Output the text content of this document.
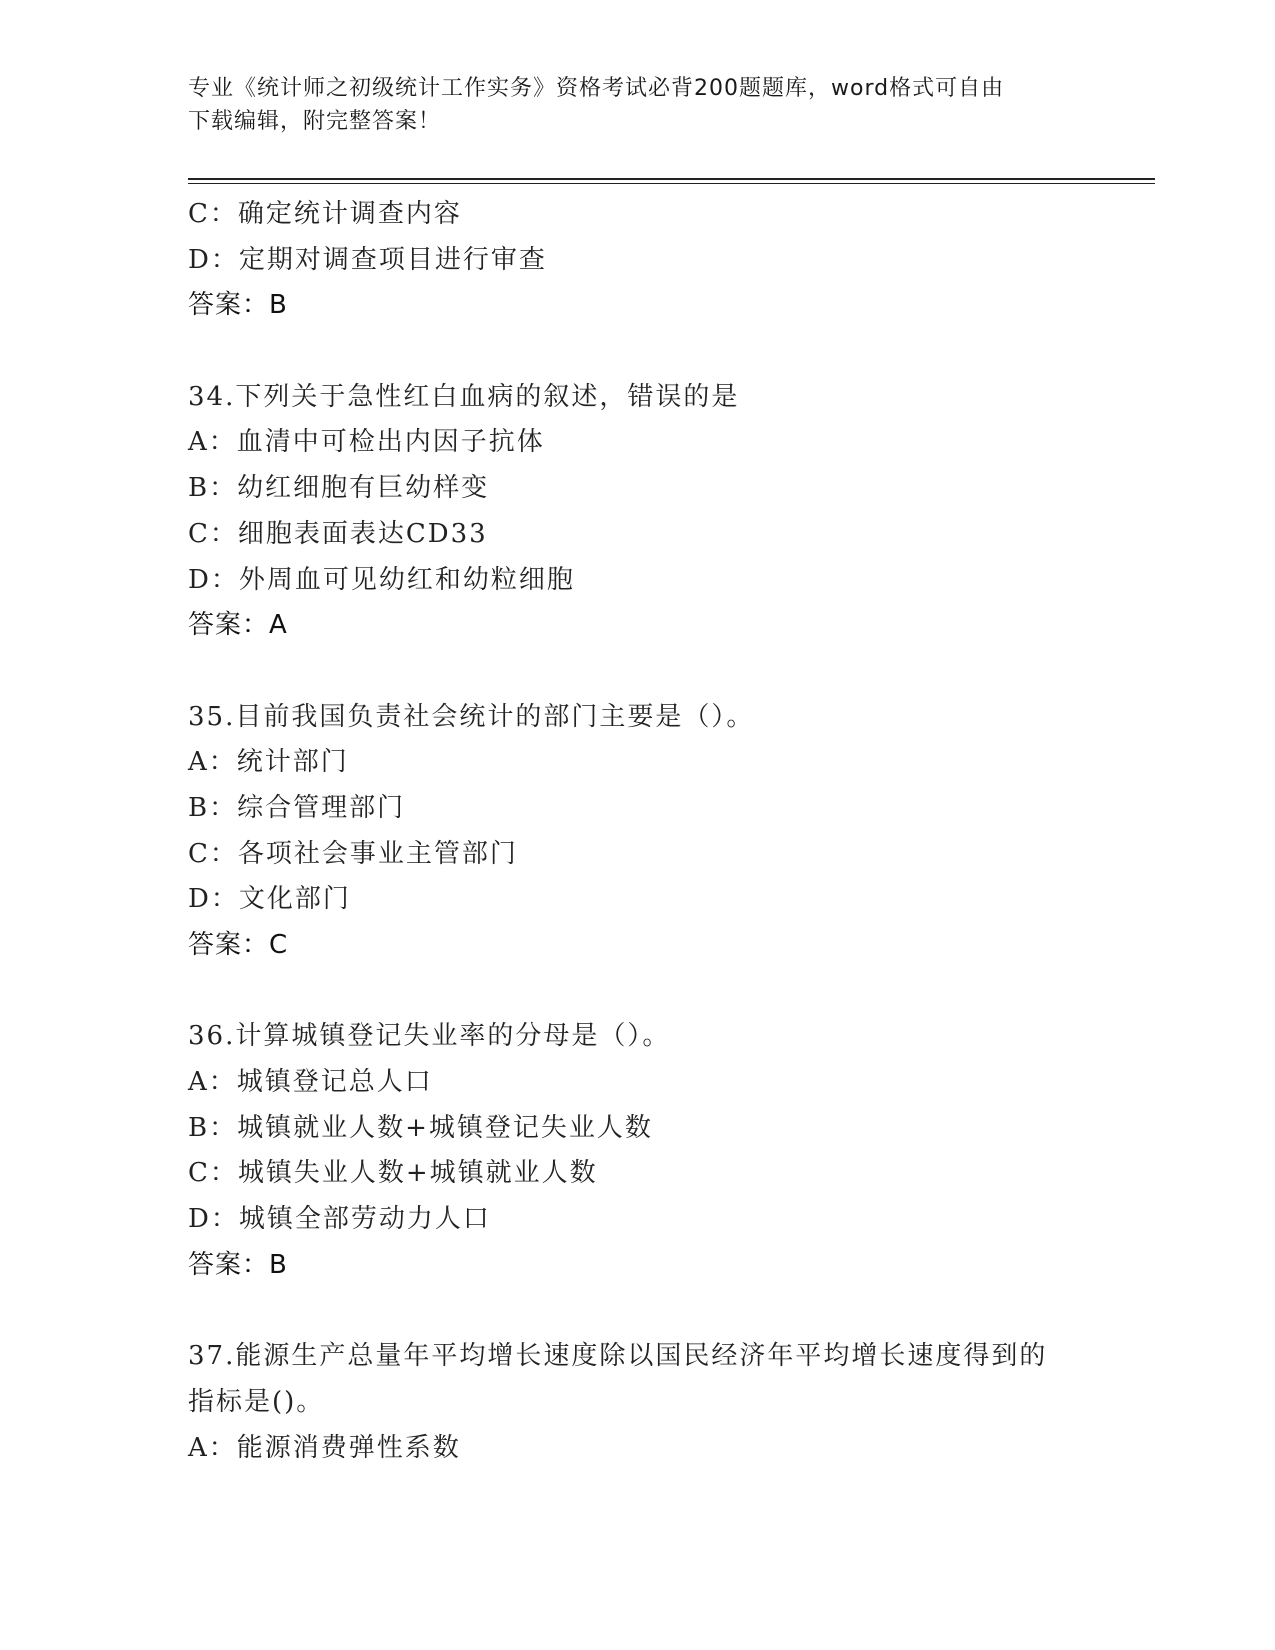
专业《统计师之初级统计工作实务》资格考试必背200题题库，word格式可自由
下载编辑，附完整答案！
C：确定统计调查内容
D：定期对调查项目进行审查
答案：B
34.下列关于急性红白血病的叙述，错误的是
A：血清中可检出内因子抗体
B：幼红细胞有巨幼样变
C：细胞表面表达CD33
D：外周血可见幼红和幼粒细胞
答案：A
35.目前我国负责社会统计的部门主要是（）。
A：统计部门
B：综合管理部门
C：各项社会事业主管部门
D：文化部门
答案：C
36.计算城镇登记失业率的分母是（）。
A：城镇登记总人口
B：城镇就业人数+城镇登记失业人数
C：城镇失业人数+城镇就业人数
D：城镇全部劳动力人口
答案：B
37.能源生产总量年平均增长速度除以国民经济年平均增长速度得到的
指标是()。
A：能源消费弹性系数
